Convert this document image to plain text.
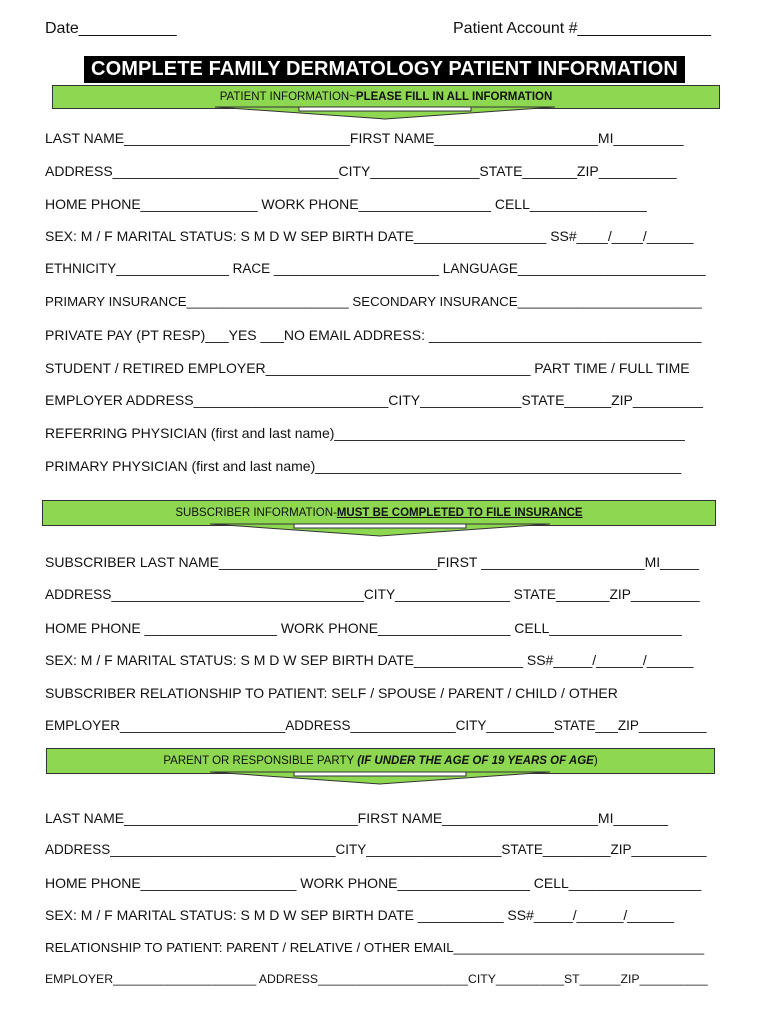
Date___________	Patient Account #_______________
COMPLETE FAMILY DERMATOLOGY PATIENT INFORMATION
PATIENT INFORMATION~PLEASE FILL IN ALL INFORMATION
LAST NAME_____________________________FIRST NAME_____________________MI_________
ADDRESS_____________________________CITY______________STATE_______ZIP__________
HOME PHONE_______________ WORK PHONE_________________ CELL_______________
SEX: M / F MARITAL STATUS: S M D W SEP BIRTH DATE_________________ SS#____/____/______
ETHNICITY_______________ RACE ______________________ LANGUAGE_________________________
PRIMARY INSURANCE______________________ SECONDARY INSURANCE_________________________
PRIVATE PAY (PT RESP)___YES ___NO EMAIL ADDRESS: ___________________________________
STUDENT / RETIRED EMPLOYER__________________________________ PART TIME / FULL TIME
EMPLOYER ADDRESS_________________________CITY_____________STATE______ZIP_________
REFERRING PHYSICIAN (first and last name)_____________________________________________
PRIMARY PHYSICIAN (first and last name)_______________________________________________
SUBSCRIBER INFORMATION-MUST BE COMPLETED TO FILE INSURANCE
SUBSCRIBER LAST NAME____________________________FIRST _____________________MI_____
ADDRESS_________________________________CITY_______________ STATE_______ZIP_________
HOME PHONE _________________ WORK PHONE_________________ CELL_________________
SEX: M / F MARITAL STATUS: S M D W SEP BIRTH DATE______________ SS#_____/______/______
SUBSCRIBER RELATIONSHIP TO PATIENT: SELF / SPOUSE / PARENT / CHILD / OTHER
EMPLOYER______________________ADDRESS______________CITY_________STATE___ZIP_________
PARENT OR RESPONSIBLE PARTY (IF UNDER THE AGE OF 19 YEARS OF AGE)
LAST NAME______________________________FIRST NAME____________________MI_______
ADDRESS______________________________CITY__________________STATE_________ZIP__________
HOME PHONE____________________ WORK PHONE_________________ CELL_________________
SEX: M / F MARITAL STATUS: S M D W SEP BIRTH DATE ___________ SS#_____/______/______
RELATIONSHIP TO PATIENT: PARENT / RELATIVE / OTHER EMAIL__________________________________
EMPLOYER_____________________ ADDRESS______________________CITY__________ST______ZIP__________
